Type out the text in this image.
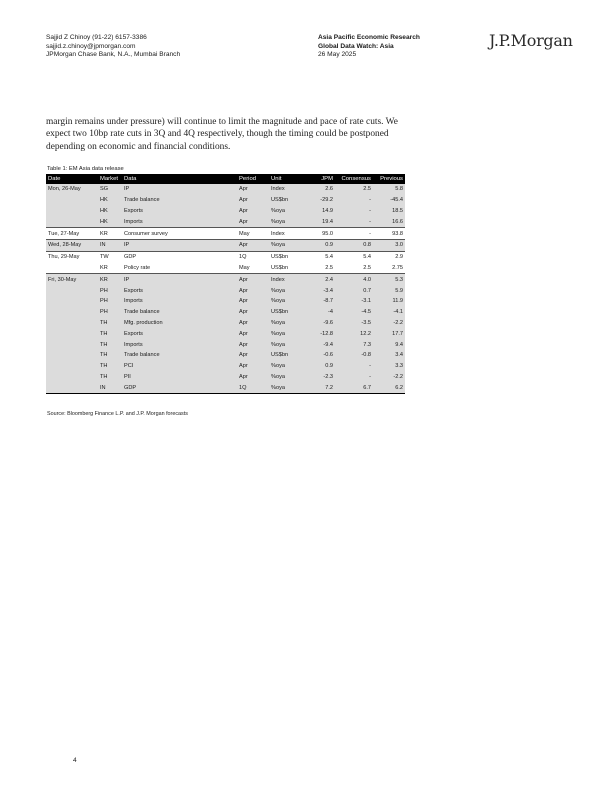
Sajjid Z Chinoy (91-22) 6157-3386
sajjid.z.chinoy@jpmorgan.com
JPMorgan Chase Bank, N.A., Mumbai Branch
Asia Pacific Economic Research
Global Data Watch: Asia
26 May 2025
J.P.Morgan
margin remains under pressure) will continue to limit the magnitude and pace of rate cuts. We expect two 10bp rate cuts in 3Q and 4Q respectively, though the timing could be postponed depending on economic and financial conditions.
Table 1: EM Asia data release
Date	Market	Data	Period	Unit	JPM	Consensus	Previous
Mon, 26-May	SG	IP	Apr	Index	2.6	2.5	5.8
	HK	Trade balance	Apr	US$bn	-29.2	-	-45.4
	HK	Exports	Apr	%oya	14.9	-	18.5
	HK	Imports	Apr	%oya	19.4	-	16.6
Tue, 27-May	KR	Consumer survey	May	Index	95.0	-	93.8
Wed, 28-May	IN	IP	Apr	%oya	0.9	0.8	3.0
Thu, 29-May	TW	GDP	1Q	US$bn	5.4	5.4	2.9
	KR	Policy rate	May	US$bn	2.5	2.5	2.75
Fri, 30-May	KR	IP	Apr	Index	2.4	4.0	5.3
	PH	Exports	Apr	%oya	-3.4	0.7	5.9
	PH	Imports	Apr	%oya	-8.7	-3.1	11.9
	PH	Trade balance	Apr	US$bn	-4	-4.5	-4.1
	TH	Mfg. production	Apr	%oya	-9.6	-3.5	-2.2
	TH	Exports	Apr	%oya	-12.8	12.2	17.7
	TH	Imports	Apr	%oya	-9.4	7.3	9.4
	TH	Trade balance	Apr	US$bn	-0.6	-0.8	3.4
	TH	PCI	Apr	%oya	0.9	-	3.3
	TH	PII	Apr	%oya	-2.3	-	-2.2
	IN	GDP	1Q	%oya	7.2	6.7	6.2
Source: Bloomberg Finance L.P. and J.P. Morgan forecasts
4
